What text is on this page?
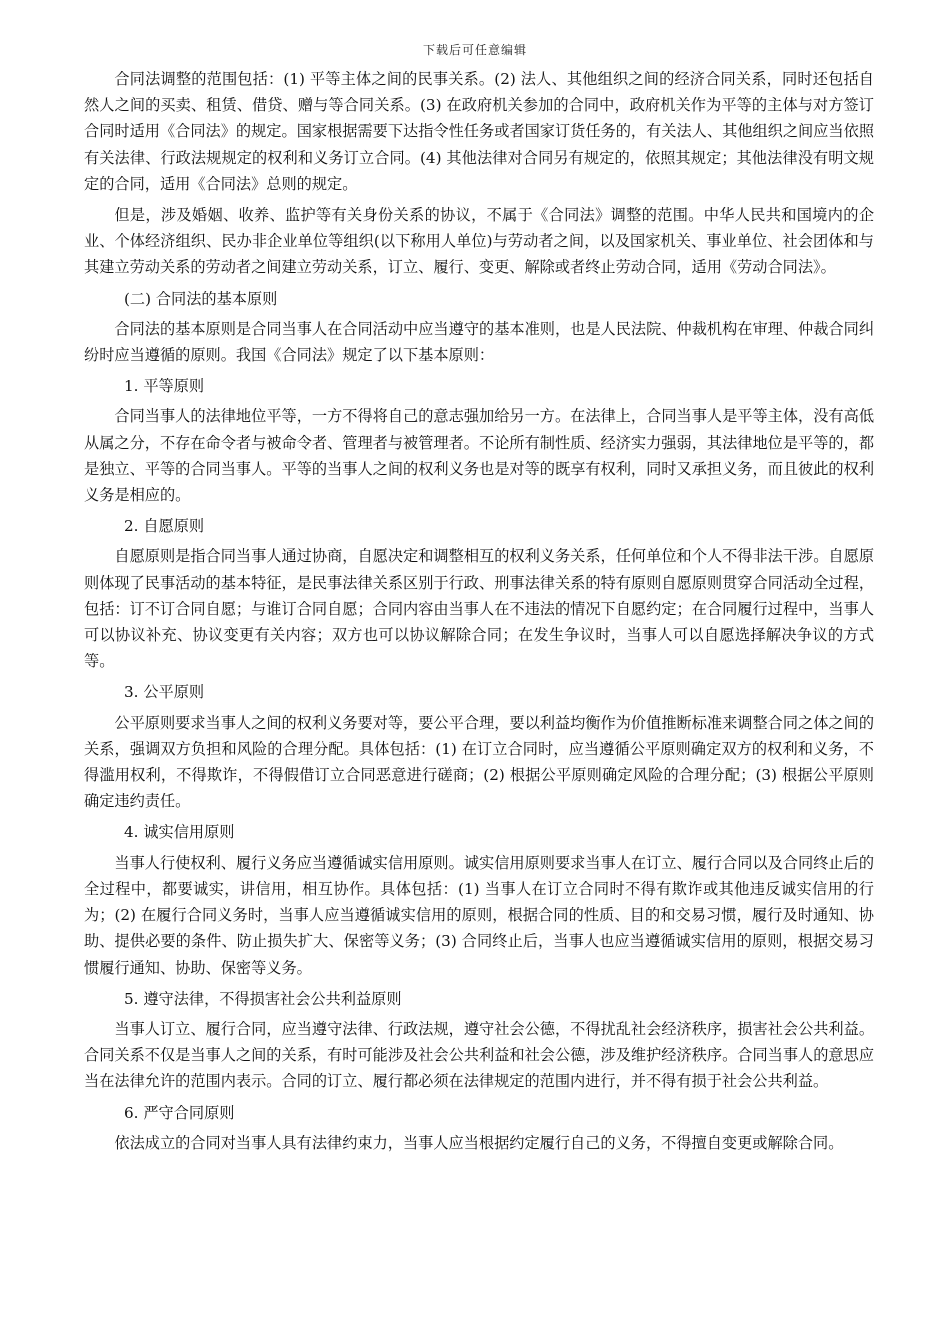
下载后可任意编辑

合同法调整的范围包括：(1) 平等主体之间的民事关系。(2) 法人、其他组织之间的经济合同关系，同时还包括自然人之间的买卖、租赁、借贷、赠与等合同关系。(3) 在政府机关参加的合同中，政府机关作为平等的主体与对方签订合同时适用《合同法》的规定。国家根据需要下达指令性任务或者国家订货任务的，有关法人、其他组织之间应当依照有关法律、行政法规规定的权利和义务订立合同。(4) 其他法律对合同另有规定的，依照其规定；其他法律没有明文规定的合同，适用《合同法》总则的规定。

但是，涉及婚姻、收养、监护等有关身份关系的协议，不属于《合同法》调整的范围。中华人民共和国境内的企业、个体经济组织、民办非企业单位等组织(以下称用人单位)与劳动者之间，以及国家机关、事业单位、社会团体和与其建立劳动关系的劳动者之间建立劳动关系，订立、履行、变更、解除或者终止劳动合同，适用《劳动合同法》。

(二) 合同法的基本原则

合同法的基本原则是合同当事人在合同活动中应当遵守的基本准则，也是人民法院、仲裁机构在审理、仲裁合同纠纷时应当遵循的原则。我国《合同法》规定了以下基本原则：

1. 平等原则

合同当事人的法律地位平等，一方不得将自己的意志强加给另一方。在法律上，合同当事人是平等主体，没有高低从属之分，不存在命令者与被命令者、管理者与被管理者。不论所有制性质、经济实力强弱，其法律地位是平等的，都是独立、平等的合同当事人。平等的当事人之间的权利义务也是对等的既享有权利，同时又承担义务，而且彼此的权利义务是相应的。

2. 自愿原则

自愿原则是指合同当事人通过协商，自愿决定和调整相互的权利义务关系，任何单位和个人不得非法干涉。自愿原则体现了民事活动的基本特征，是民事法律关系区别于行政、刑事法律关系的特有原则自愿原则贯穿合同活动全过程，包括：订不订合同自愿；与谁订合同自愿；合同内容由当事人在不违法的情况下自愿约定；在合同履行过程中，当事人可以协议补充、协议变更有关内容；双方也可以协议解除合同；在发生争议时，当事人可以自愿选择解决争议的方式等。

3. 公平原则

公平原则要求当事人之间的权利义务要对等，要公平合理，要以利益均衡作为价值推断标准来调整合同之体之间的关系，强调双方负担和风险的合理分配。具体包括：(1) 在订立合同时，应当遵循公平原则确定双方的权利和义务，不得滥用权利，不得欺诈，不得假借订立合同恶意进行磋商；(2) 根据公平原则确定风险的合理分配；(3) 根据公平原则确定违约责任。

4. 诚实信用原则

当事人行使权利、履行义务应当遵循诚实信用原则。诚实信用原则要求当事人在订立、履行合同以及合同终止后的全过程中，都要诚实，讲信用，相互协作。具体包括：(1) 当事人在订立合同时不得有欺诈或其他违反诚实信用的行为；(2) 在履行合同义务时，当事人应当遵循诚实信用的原则，根据合同的性质、目的和交易习惯，履行及时通知、协助、提供必要的条件、防止损失扩大、保密等义务；(3) 合同终止后，当事人也应当遵循诚实信用的原则，根据交易习惯履行通知、协助、保密等义务。

5. 遵守法律，不得损害社会公共利益原则

当事人订立、履行合同，应当遵守法律、行政法规，遵守社会公德，不得扰乱社会经济秩序，损害社会公共利益。合同关系不仅是当事人之间的关系，有时可能涉及社会公共利益和社会公德，涉及维护经济秩序。合同当事人的意思应当在法律允许的范围内表示。合同的订立、履行都必须在法律规定的范围内进行，并不得有损于社会公共利益。

6. 严守合同原则

依法成立的合同对当事人具有法律约束力，当事人应当根据约定履行自己的义务，不得擅自变更或解除合同。
